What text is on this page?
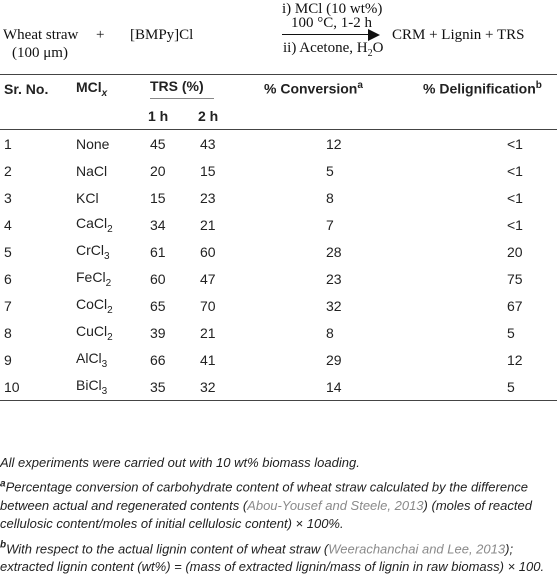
Wheat straw
(100 μm)
+ [BMPy]Cl
i) MCl (10 wt%)
100 °C, 1-2 h
ii) Acetone, $H_2O$
CRM + Lignin + TRS
Sr. No.	MCl$_x$	TRS (%)		% Conversion$^a$	% Delignification$^b$
		1 h	2 h		
1	None	45	43	12	<1
2	NaCl	20	15	5	<1
3	KCl	15	23	8	<1
4	CaCl$_2$	34	21	7	<1
5	CrCl$_3$	61	60	28	20
6	FeCl$_2$	60	47	23	75
7	CoCl$_2$	65	70	32	67
8	CuCl$_2$	39	21	8	5
9	AlCl$_3$	66	41	29	12
10	BiCl$_3$	35	32	14	5

All experiments were carried out with 10 wt% biomass loading.

$^a$Percentage conversion of carbohydrate content of wheat straw calculated by the difference between actual and regenerated contents (Abou-Yousef and Steele, 2013) (moles of reacted cellulosic content/moles of initial cellulosic content) × 100%.

$^b$With respect to the actual lignin content of wheat straw (Weerachanchai and Lee, 2013); extracted lignin content (wt%) = (mass of extracted lignin/mass of lignin in raw biomass) × 100.
